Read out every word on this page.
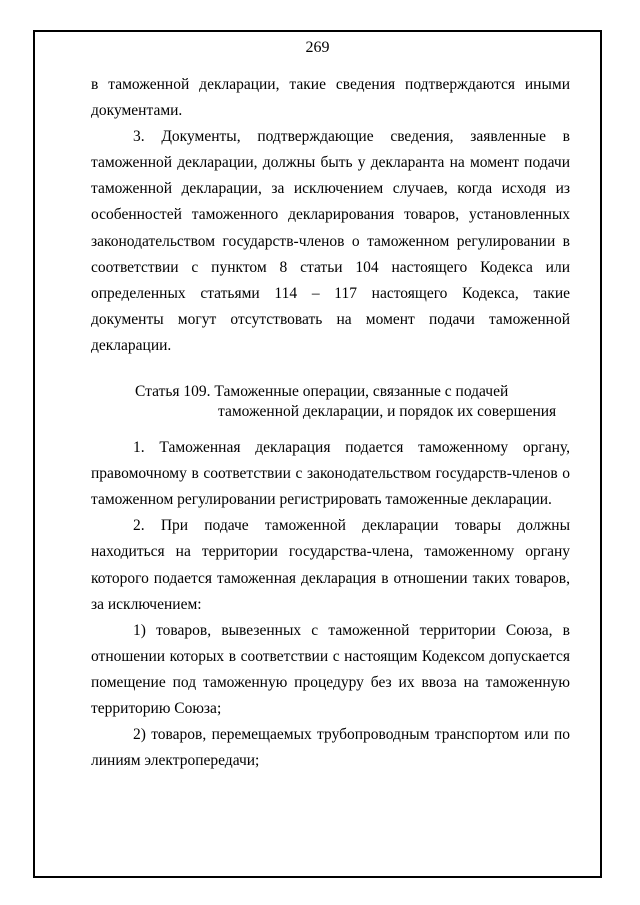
269

в таможенной декларации, такие сведения подтверждаются иными документами.

3. Документы, подтверждающие сведения, заявленные в таможенной декларации, должны быть у декларанта на момент подачи таможенной декларации, за исключением случаев, когда исходя из особенностей таможенного декларирования товаров, установленных законодательством государств-членов о таможенном регулировании в соответствии с пунктом 8 статьи 104 настоящего Кодекса или определенных статьями 114 – 117 настоящего Кодекса, такие документы могут отсутствовать на момент подачи таможенной декларации.

Статья 109. Таможенные операции, связанные с подачей
таможенной декларации, и порядок их совершения

1. Таможенная декларация подается таможенному органу, правомочному в соответствии с законодательством государств-членов о таможенном регулировании регистрировать таможенные декларации.

2. При подаче таможенной декларации товары должны находиться на территории государства-члена, таможенному органу которого подается таможенная декларация в отношении таких товаров, за исключением:

1) товаров, вывезенных с таможенной территории Союза, в отношении которых в соответствии с настоящим Кодексом допускается помещение под таможенную процедуру без их ввоза на таможенную территорию Союза;

2) товаров, перемещаемых трубопроводным транспортом или по линиям электропередачи;
